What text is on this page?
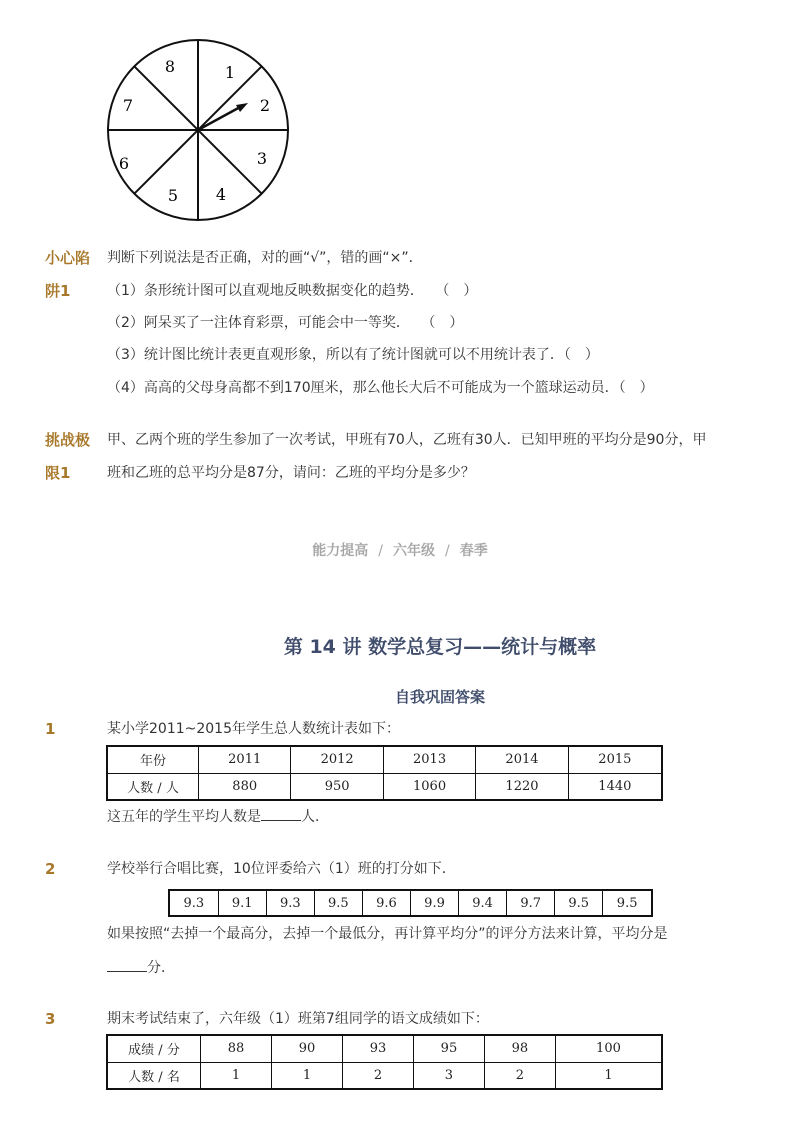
1
2
3
4
5
6
7
8
小心陷
阱1
判断下列说法是否正确，对的画“√”，错的画“×”．
（1）条形统计图可以直观地反映数据变化的趋势．　 （　）
（2）阿呆买了一注体育彩票，可能会中一等奖．　 （　）
（3）统计图比统计表更直观形象，所以有了统计图就可以不用统计表了．（　）
（4）高高的父母身高都不到170厘米，那么他长大后不可能成为一个篮球运动员．（　）
挑战极
限1
甲、乙两个班的学生参加了一次考试，甲班有70人，乙班有30人．已知甲班的平均分是90分，甲
班和乙班的总平均分是87分，请问：乙班的平均分是多少？
能力提高 / 六年级 / 春季
第 14 讲 数学总复习——统计与概率
自我巩固答案
1	某小学2011~2015年学生总人数统计表如下：
年份	2011	2012	2013	2014	2015
人数 / 人	880	950	1060	1220	1440
这五年的学生平均人数是	人．
2	学校举行合唱比赛，10位评委给六（1）班的打分如下．
9.3	9.1	9.3	9.5	9.6	9.9	9.4	9.7	9.5	9.5
如果按照“去掉一个最高分，去掉一个最低分，再计算平均分”的评分方法来计算，平均分是
分．
3	期末考试结束了，六年级（1）班第7组同学的语文成绩如下：
成绩 / 分	88	90	93	95	98	100
人数 / 名	1	1	2	3	2	1
